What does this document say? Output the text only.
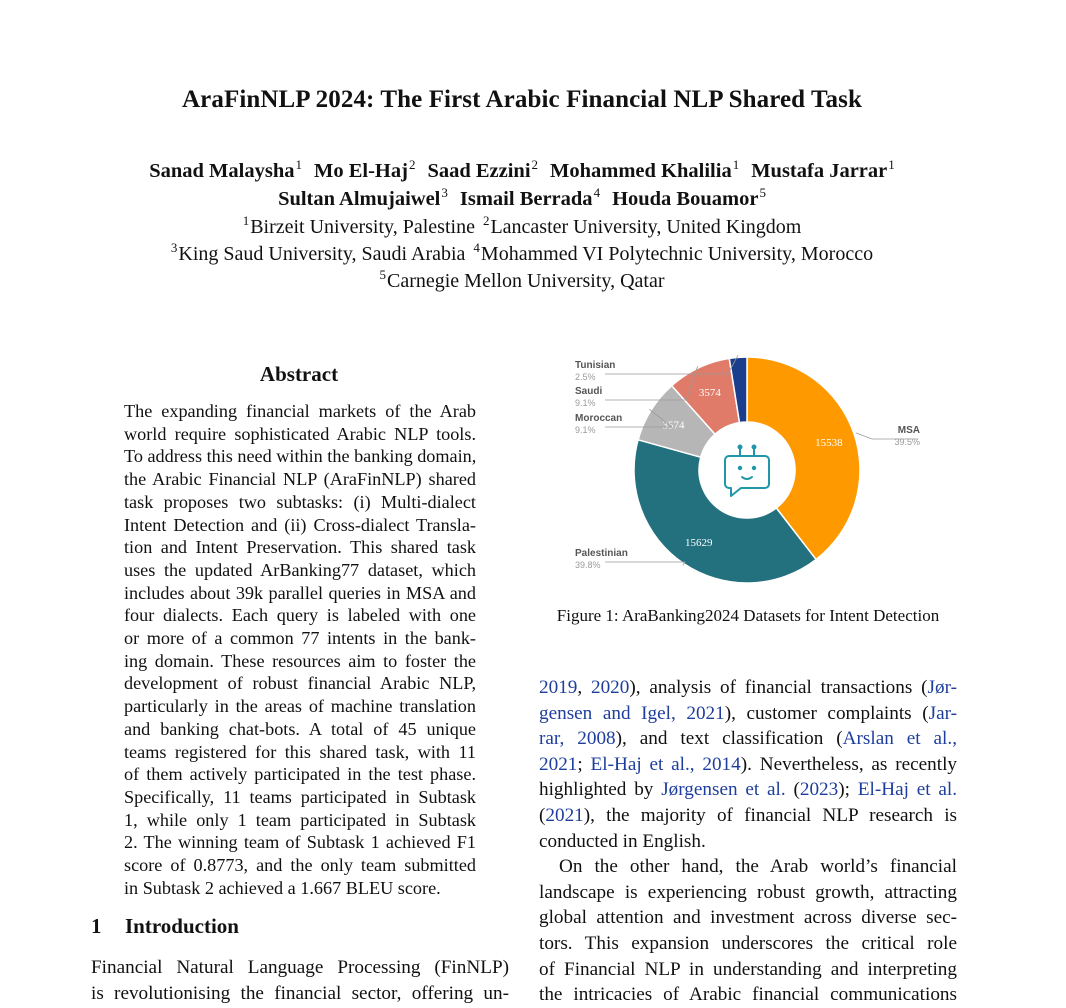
AraFinNLP 2024: The First Arabic Financial NLP Shared Task
Sanad Malaysha$^1$ Mo El-Haj$^2$ Saad Ezzini$^2$ Mohammed Khalilia$^1$ Mustafa Jarrar$^1$
Sultan Almujaiwel$^3$ Ismail Berrada$^4$ Houda Bouamor$^5$
$^1$Birzeit University, Palestine $^2$Lancaster University, United Kingdom
$^3$King Saud University, Saudi Arabia $^4$Mohammed VI Polytechnic University, Morocco
$^5$Carnegie Mellon University, Qatar
Abstract
The expanding financial markets of the Arab
world require sophisticated Arabic NLP tools.
To address this need within the banking domain,
the Arabic Financial NLP (AraFinNLP) shared
task proposes two subtasks: (i) Multi-dialect
Intent Detection and (ii) Cross-dialect Transla-
tion and Intent Preservation. This shared task
uses the updated ArBanking77 dataset, which
includes about 39k parallel queries in MSA and
four dialects. Each query is labeled with one
or more of a common 77 intents in the bank-
ing domain. These resources aim to foster the
development of robust financial Arabic NLP,
particularly in the areas of machine translation
and banking chat-bots. A total of 45 unique
teams registered for this shared task, with 11
of them actively participated in the test phase.
Specifically, 11 teams participated in Subtask
1, while only 1 team participated in Subtask
2. The winning team of Subtask 1 achieved F1
score of 0.8773, and the only team submitted
in Subtask 2 achieved a 1.667 BLEU score.
1 Introduction
Financial Natural Language Processing (FinNLP)
is revolutionising the financial sector, offering un-
15538
15629
3574
3574
MSA
39.5%
Palestinian
39.8%
Moroccan
9.1%
Saudi
9.1%
Tunisian
2.5%
Figure 1: AraBanking2024 Datasets for Intent Detection
2019, 2020), analysis of financial transactions (Jør-
gensen and Igel, 2021), customer complaints (Jar-
rar, 2008), and text classification (Arslan et al.,
2021; El-Haj et al., 2014). Nevertheless, as recently
highlighted by Jørgensen et al. (2023); El-Haj et al.
(2021), the majority of financial NLP research is
conducted in English.
On the other hand, the Arab world’s financial
landscape is experiencing robust growth, attracting
global attention and investment across diverse sec-
tors. This expansion underscores the critical role
of Financial NLP in understanding and interpreting
the intricacies of Arabic financial communications
